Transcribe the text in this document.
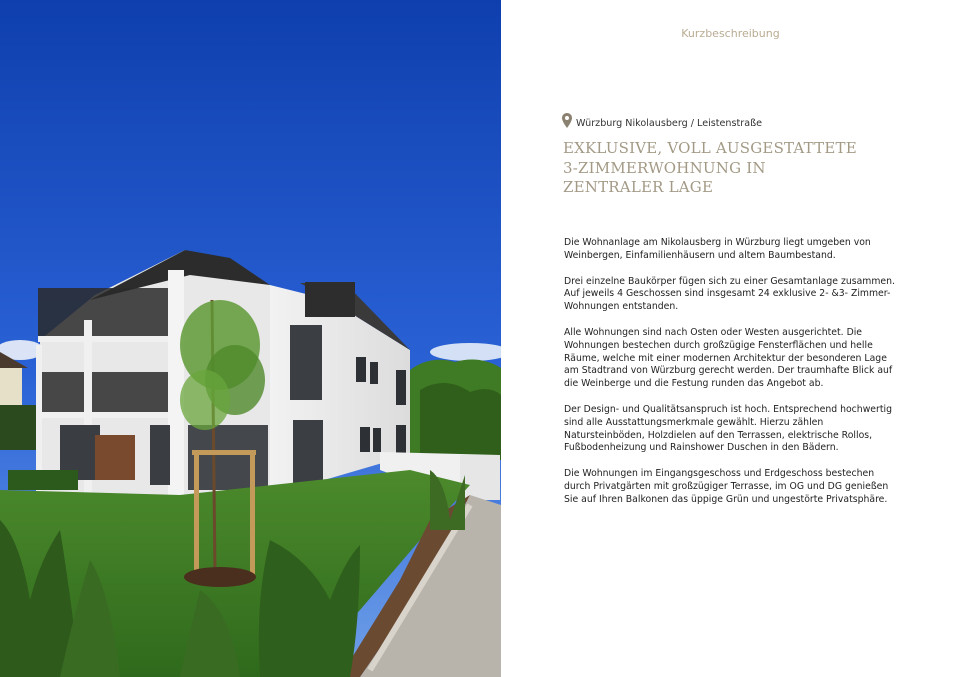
Kurzbeschreibung
Würzburg Nikolausberg / Leistenstraße
EXKLUSIVE, VOLL AUSGESTATTETE
3-ZIMMERWOHNUNG IN
ZENTRALER LAGE

Die Wohnanlage am Nikolausberg in Würzburg liegt umgeben von
Weinbergen, Einfamilienhäusern und altem Baumbestand.

Drei einzelne Baukörper fügen sich zu einer Gesamtanlage zusammen.
Auf jeweils 4 Geschossen sind insgesamt 24 exklusive 2- &3- Zimmer-
Wohnungen entstanden.

Alle Wohnungen sind nach Osten oder Westen ausgerichtet. Die
Wohnungen bestechen durch großzügige Fensterflächen und helle
Räume, welche mit einer modernen Architektur der besonderen Lage
am Stadtrand von Würzburg gerecht werden. Der traumhafte Blick auf
die Weinberge und die Festung runden das Angebot ab.

Der Design- und Qualitätsanspruch ist hoch. Entsprechend hochwertig
sind alle Ausstattungsmerkmale gewählt. Hierzu zählen
Natursteinböden, Holzdielen auf den Terrassen, elektrische Rollos,
Fußbodenheizung und Rainshower Duschen in den Bädern.

Die Wohnungen im Eingangsgeschoss und Erdgeschoss bestechen
durch Privatgärten mit großzügiger Terrasse, im OG und DG genießen
Sie auf Ihren Balkonen das üppige Grün und ungestörte Privatsphäre.
